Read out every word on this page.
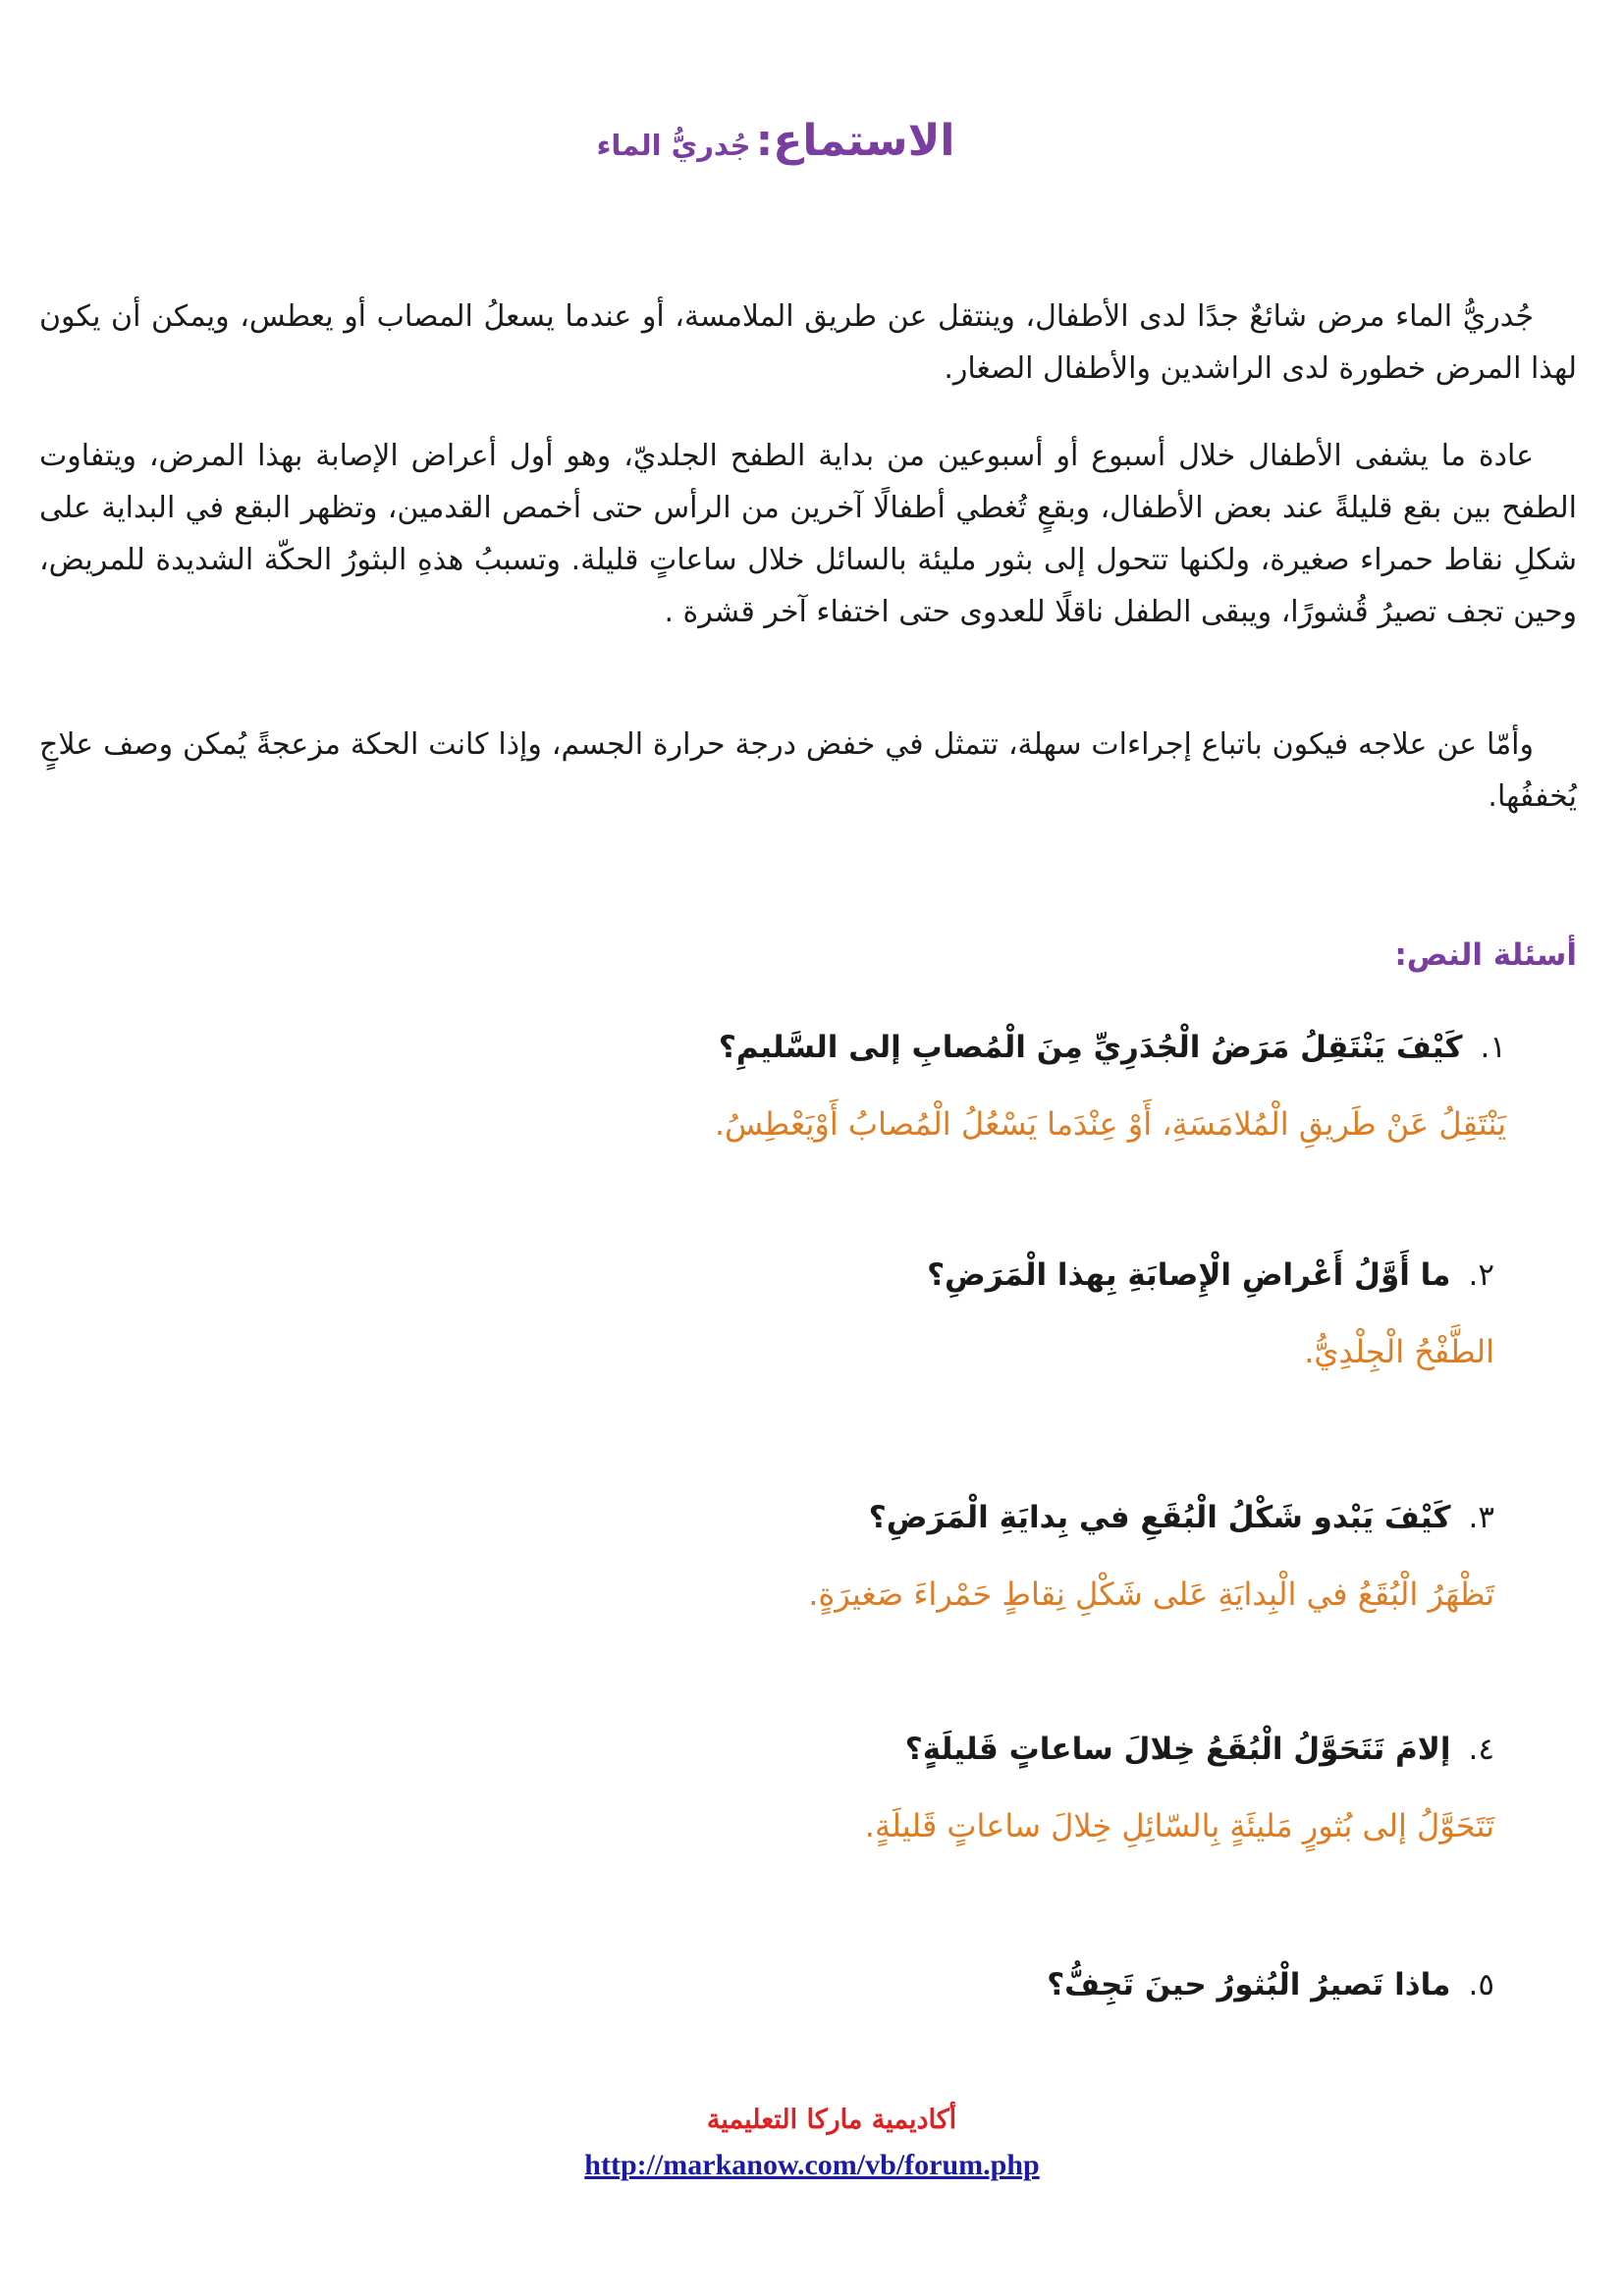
الاستماع: جُدريُّ الماء
جُدريُّ الماء مرض شائعٌ جدًا لدى الأطفال، وينتقل عن طريق الملامسة، أو عندما يسعلُ المصاب أو يعطس، ويمكن أن يكون لهذا المرض خطورة لدى الراشدين والأطفال الصغار.
عادة ما يشفى الأطفال خلال أسبوع أو أسبوعين من بداية الطفح الجلديّ، وهو أول أعراض الإصابة بهذا المرض، ويتفاوت الطفح بين بقع قليلةً عند بعض الأطفال، وبقعٍ تُغطي أطفالًا آخرين من الرأس حتى أخمص القدمين، وتظهر البقع في البداية على شكلِ نقاط حمراء صغيرة، ولكنها تتحول إلى بثور مليئة بالسائل خلال ساعاتٍ قليلة. وتسببُ هذهِ البثورُ الحكّة الشديدة للمريض، وحين تجف تصيرُ قُشورًا، ويبقى الطفل ناقلًا للعدوى حتى اختفاء آخر قشرة .
وأمّا عن علاجه فيكون باتباع إجراءات سهلة، تتمثل في خفض درجة حرارة الجسم، وإذا كانت الحكة مزعجةً يُمكن وصف علاجٍ يُخففُها.
أسئلة النص:
١.كَيْفَ يَنْتَقِلُ مَرَضُ الْجُدَرِيِّ مِنَ الْمُصابِ إلى السَّليمِ؟
يَنْتَقِلُ عَنْ طَريقِ الْمُلامَسَةِ، أَوْ عِنْدَما يَسْعُلُ الْمُصابُ أَوْيَعْطِسُ.
٢.ما أَوَّلُ أَعْراضِ الْإِصابَةِ بِهذا الْمَرَضِ؟
الطَّفْحُ الْجِلْدِيُّ.
٣.كَيْفَ يَبْدو شَكْلُ الْبُقَعِ في بِدايَةِ الْمَرَضِ؟
تَظْهَرُ الْبُقَعُ في الْبِدايَةِ عَلى شَكْلِ نِقاطٍ حَمْراءَ صَغيرَةٍ.
٤.إلامَ تَتَحَوَّلُ الْبُقَعُ خِلالَ ساعاتٍ قَليلَةٍ؟
تَتَحَوَّلُ إلى بُثورٍ مَليئَةٍ بِالسّائِلِ خِلالَ ساعاتٍ قَليلَةٍ.
٥.ماذا تَصيرُ الْبُثورُ حينَ تَجِفُّ؟
أكاديمية ماركا التعليمية
http://markanow.com/vb/forum.php
